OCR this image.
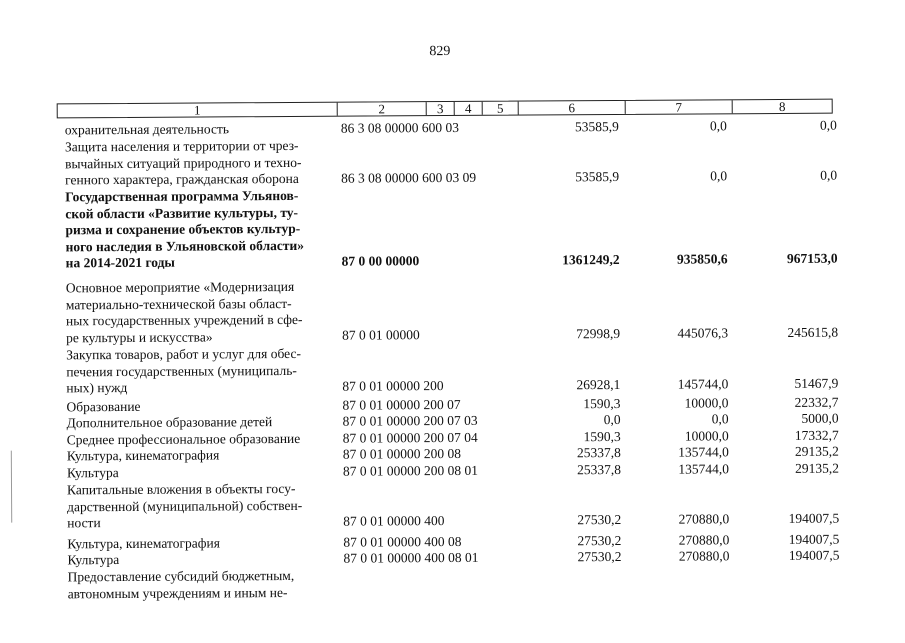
829
1	2	3	4	5	6	7	8
охранительная деятельность	86 3 08 00000 600 03	53585,9	0,0	0,0
Защита населения и территории от чрез-
вычайных ситуаций природного и техно-
генного характера, гражданская оборона	86 3 08 00000 600 03 09	53585,9	0,0	0,0
Государственная программа Ульянов-
ской области «Развитие культуры, ту-
ризма и сохранение объектов культур-
ного наследия в Ульяновской области»
на 2014-2021 годы	87 0 00 00000	1361249,2	935850,6	967153,0
Основное мероприятие «Модернизация
материально-технической базы област-
ных государственных учреждений в сфе-
ре культуры и искусства»	87 0 01 00000	72998,9	445076,3	245615,8
Закупка товаров, работ и услуг для обес-
печения государственных (муниципаль-
ных) нужд	87 0 01 00000 200	26928,1	145744,0	51467,9
Образование	87 0 01 00000 200 07	1590,3	10000,0	22332,7
Дополнительное образование детей	87 0 01 00000 200 07 03	0,0	0,0	5000,0
Среднее профессиональное образование	87 0 01 00000 200 07 04	1590,3	10000,0	17332,7
Культура, кинематография	87 0 01 00000 200 08	25337,8	135744,0	29135,2
Культура	87 0 01 00000 200 08 01	25337,8	135744,0	29135,2
Капитальные вложения в объекты госу-
дарственной (муниципальной) собствен-
ности	87 0 01 00000 400	27530,2	270880,0	194007,5
Культура, кинематография	87 0 01 00000 400 08	27530,2	270880,0	194007,5
Культура	87 0 01 00000 400 08 01	27530,2	270880,0	194007,5
Предоставление субсидий бюджетным,
автономным учреждениям и иным не-
